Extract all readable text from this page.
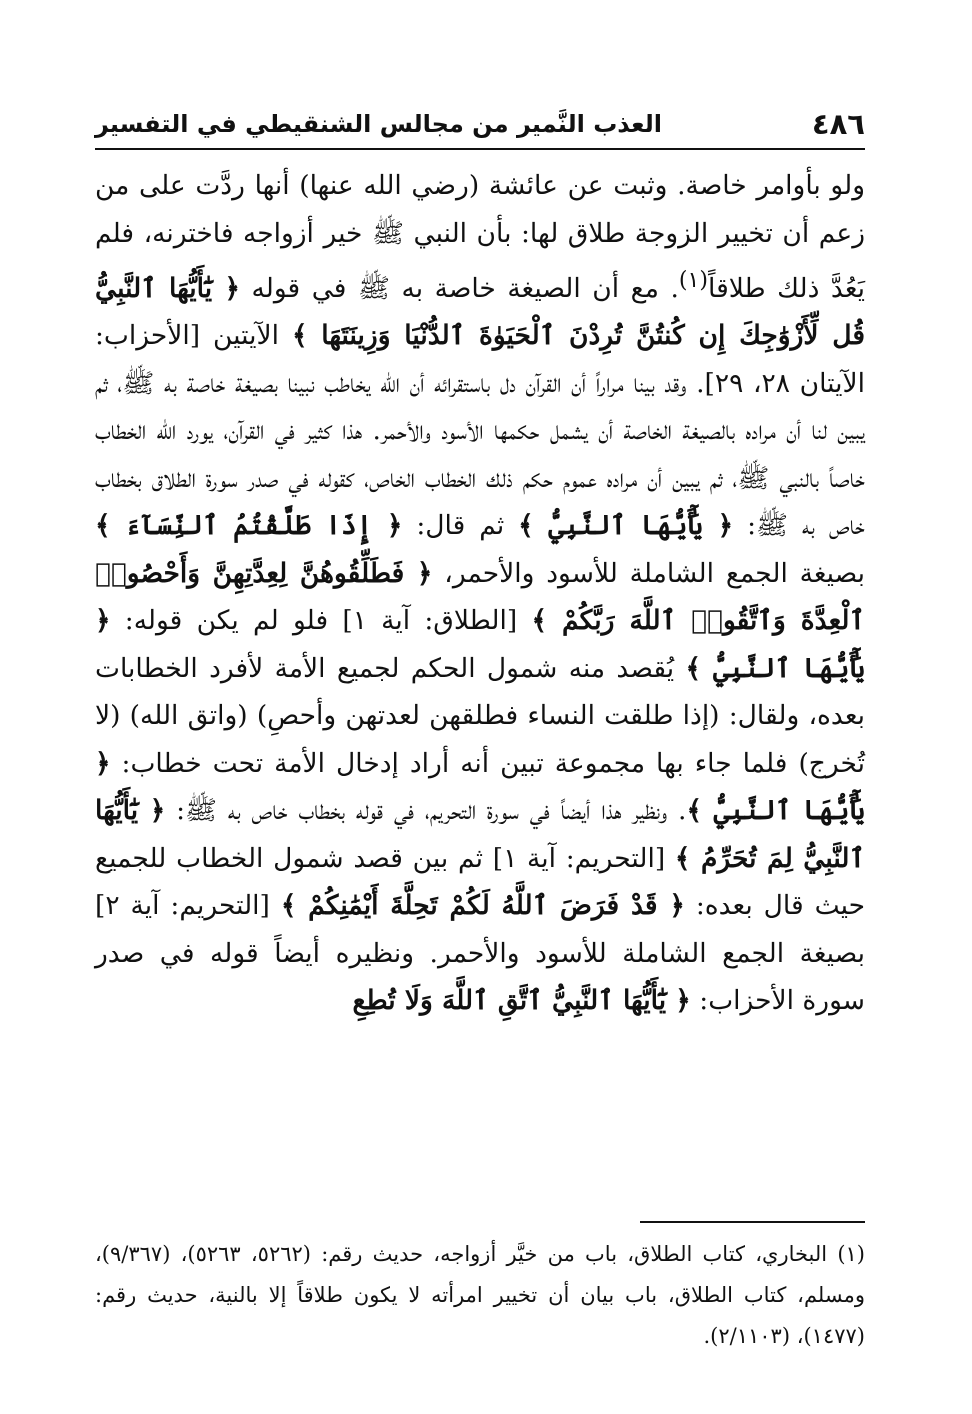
٤٨٦
العذب النَّمير من مجالس الشنقيطي في التفسير

ولو بأوامر خاصة. وثبت عن عائشة (رضي الله عنها) أنها ردَّت على من زعم أن تخيير الزوجة طلاق لها: بأن النبي ﷺ خير أزواجه فاخترنه، فلم يَعُدَّ ذلك طلاقاً$^{(١)}$. مع أن الصيغة خاصة به ﷺ في قوله ﴿ يَٰٓأَيُّهَا ٱلنَّبِيُّ قُل لِّأَزْوَٰجِكَ إِن كُنتُنَّ تُرِدْنَ ٱلْحَيَوٰةَ ٱلدُّنْيَا وَزِينَتَهَا ﴾ الآيتين [الأحزاب: الآيتان ٢٨، ٢٩]. وقد بينا مراراً أن القرآن دل باستقرائه أن الله يخاطب نبينا بصيغة خاصة به ﷺ، ثم يبين لنا أن مراده بالصيغة الخاصة أن يشمل حكمها الأسود والأحمر. هذا كثير في القرآن، يورد الله الخطاب خاصاً بالنبي ﷺ، ثم يبين أن مراده عموم حكم ذلك الخطاب الخاص، كقوله في صدر سورة الطلاق بخطاب خاص به ﷺ: ﴿ يَٰٓأَيُّهَا ٱلنَّبِيُّ ﴾ ثم قال: ﴿ إِذَا طَلَّقْتُمُ ٱلنِّسَآءَ ﴾ بصيغة الجمع الشاملة للأسود والأحمر، ﴿ فَطَلِّقُوهُنَّ لِعِدَّتِهِنَّ وَأَحْصُوا۟ ٱلْعِدَّةَ وَٱتَّقُوا۟ ٱللَّهَ رَبَّكُمْ ﴾ [الطلاق: آية ١] فلو لم يكن قوله: ﴿ يَٰٓأَيُّهَا ٱلنَّبِيُّ ﴾ يُقصد منه شمول الحكم لجميع الأمة لأفرد الخطابات بعده، ولقال: (إذا طلقت النساء فطلقهن لعدتهن وأحصِ) (واتق الله) (لا تُخرج) فلما جاء بها مجموعة تبين أنه أراد إدخال الأمة تحت خطاب: ﴿ يَٰٓأَيُّهَا ٱلنَّبِيُّ ﴾. ونظير هذا أيضاً في سورة التحريم، في قوله بخطاب خاص به ﷺ: ﴿ يَٰٓأَيُّهَا ٱلنَّبِيُّ لِمَ تُحَرِّمُ ﴾ [التحريم: آية ١] ثم بين قصد شمول الخطاب للجميع حيث قال بعده: ﴿ قَدْ فَرَضَ ٱللَّهُ لَكُمْ تَحِلَّةَ أَيْمَٰنِكُمْ ﴾ [التحريم: آية ٢] بصيغة الجمع الشاملة للأسود والأحمر. ونظيره أيضاً قوله في صدر سورة الأحزاب: ﴿ يَٰٓأَيُّهَا ٱلنَّبِيُّ ٱتَّقِ ٱللَّهَ وَلَا تُطِعِ

(١) البخاري، كتاب الطلاق، باب من خيَّر أزواجه، حديث رقم: (٥٢٦٢، ٥٢٦٣)، (٩/٣٦٧)، ومسلم، كتاب الطلاق، باب بيان أن تخيير امرأته لا يكون طلاقاً إلا بالنية، حديث رقم: (١٤٧٧)، (٢/١١٠٣).
